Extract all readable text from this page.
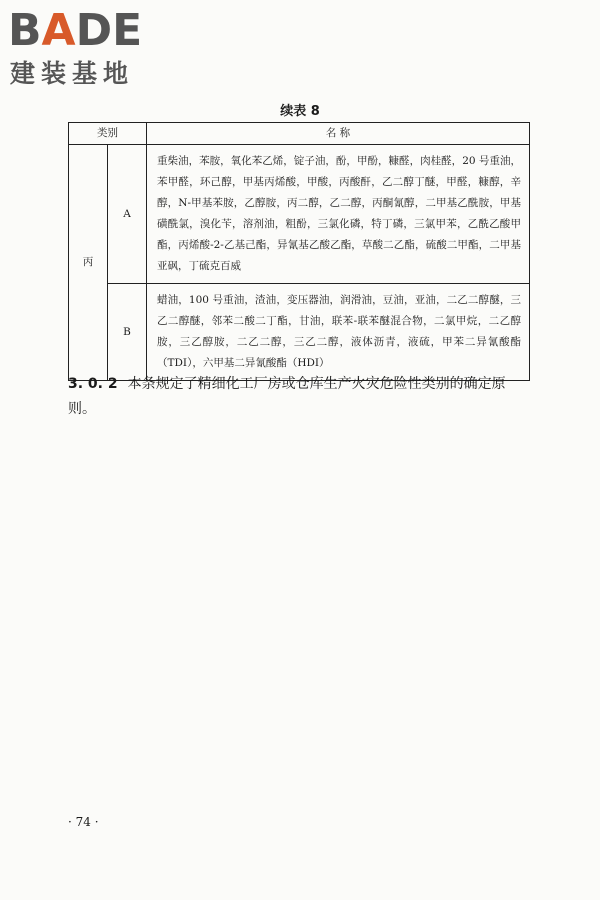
BADE
建装基地
续表 8
类别		名 称
丙	A	重柴油，苯胺，氧化苯乙烯，锭子油，酚，甲酚，糠醛，肉桂醛，20 号重油，苯甲醛，环己醇，甲基丙烯酸，甲酸，丙酸酐，乙二醇丁醚，甲醛，糠醇，辛醇，N-甲基苯胺，乙醇胺，丙二醇，乙二醇，丙酮氰醇，二甲基乙酰胺，甲基磺酰氯，溴化苄，溶剂油，粗酚，三氯化磷，特丁磷，三氯甲苯，乙酰乙酸甲酯，丙烯酸-2-乙基己酯，异氰基乙酸乙酯，草酸二乙酯，硫酸二甲酯，二甲基亚砜，丁硫克百威
	B	蜡油，100 号重油，渣油，变压器油，润滑油，豆油，亚油，二乙二醇醚，三乙二醇醚，邻苯二酸二丁酯，甘油，联苯-联苯醚混合物，二氯甲烷，二乙醇胺，三乙醇胺，二乙二醇，三乙二醇，液体沥青，液硫，甲苯二异氰酸酯（TDI），六甲基二异氰酸酯（HDI）
3. 0. 2 本条规定了精细化工厂房或仓库生产火灾危险性类别的确定原则。
· 74 ·
